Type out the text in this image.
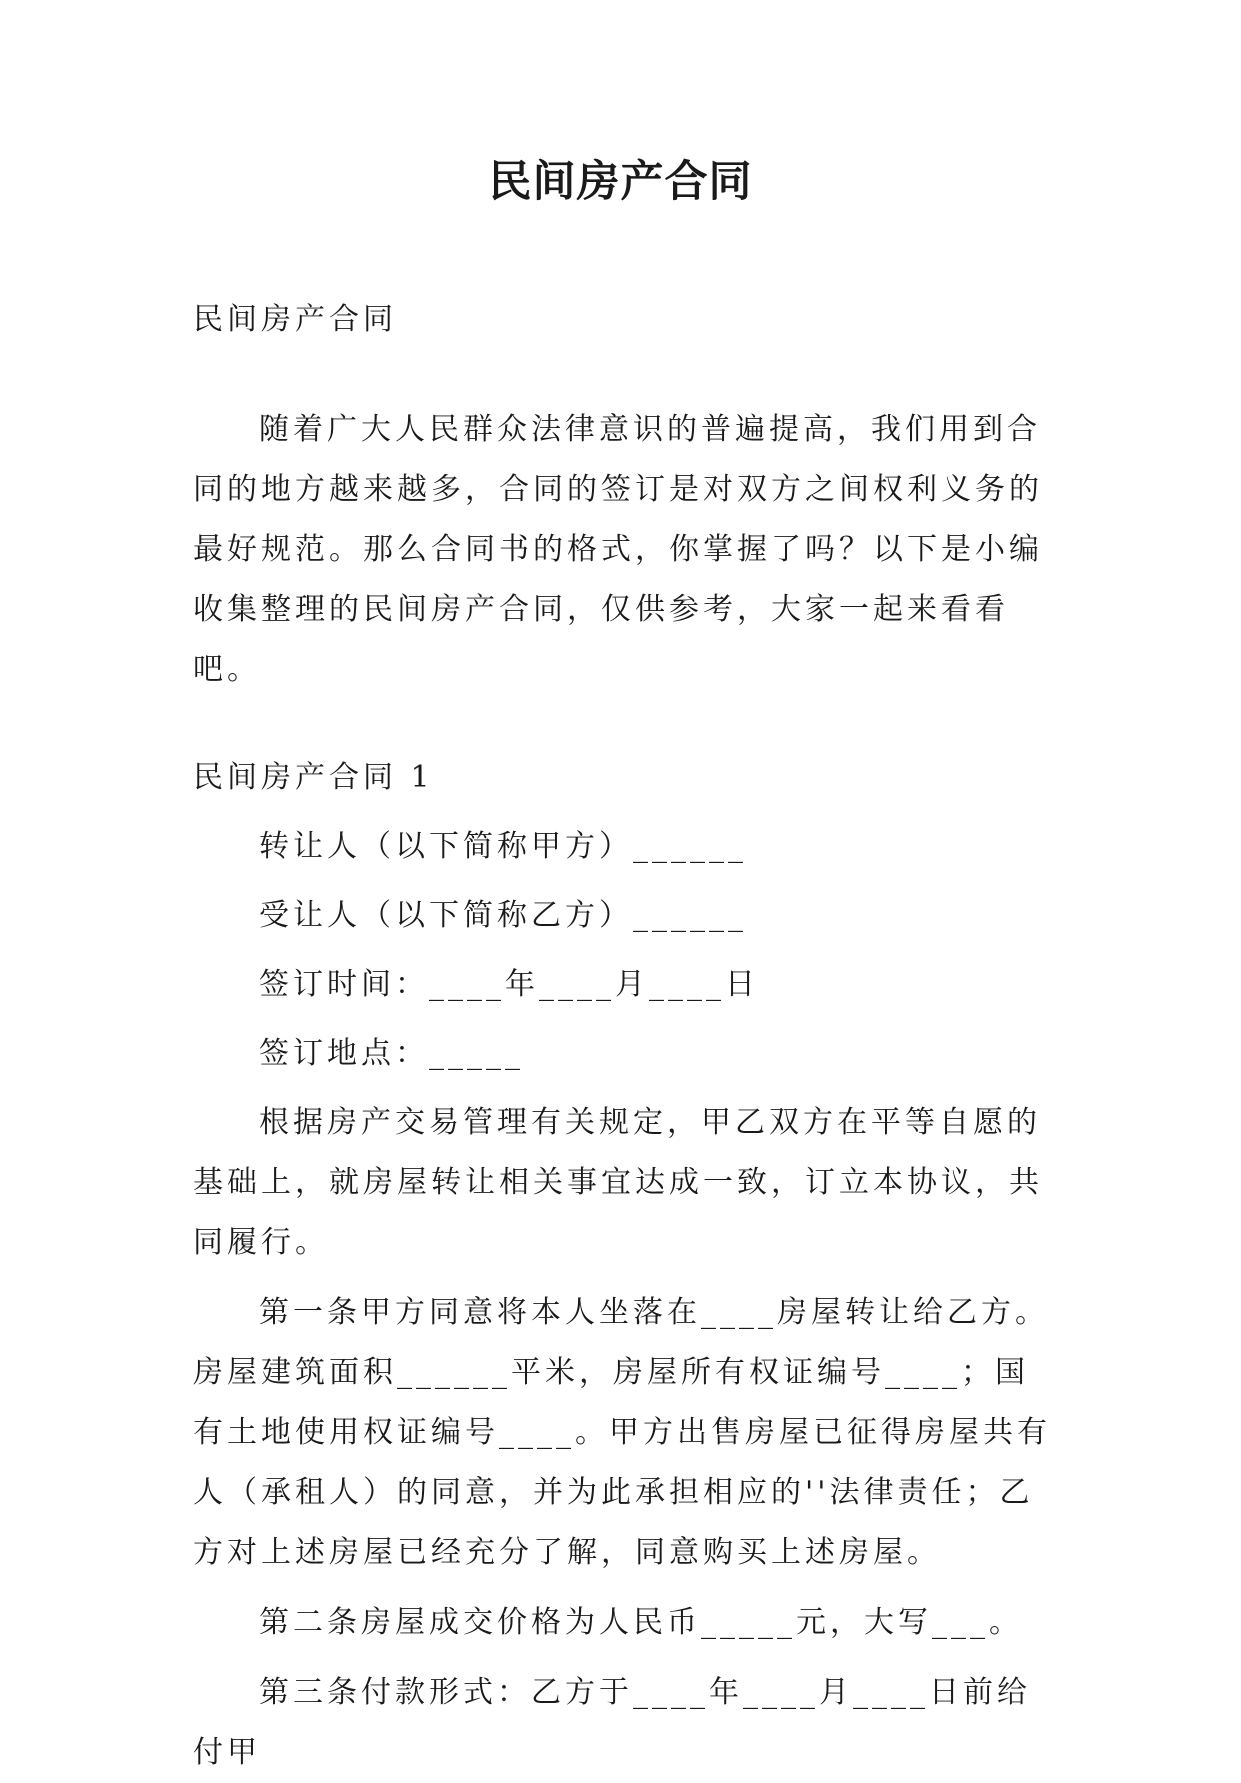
民间房产合同

民间房产合同

随着广大人民群众法律意识的普遍提高，我们用到合同的地方越来越多，合同的签订是对双方之间权利义务的最好规范。那么合同书的格式，你掌握了吗？以下是小编收集整理的民间房产合同，仅供参考，大家一起来看看吧。

民间房产合同 1

转让人（以下简称甲方）______

受让人（以下简称乙方）______

签订时间：____年____月____日

签订地点：_____

根据房产交易管理有关规定，甲乙双方在平等自愿的基础上，就房屋转让相关事宜达成一致，订立本协议，共同履行。

第一条甲方同意将本人坐落在____房屋转让给乙方。房屋建筑面积______平米，房屋所有权证编号____；国有土地使用权证编号____。甲方出售房屋已征得房屋共有人（承租人）的同意，并为此承担相应的''法律责任；乙方对上述房屋已经充分了解，同意购买上述房屋。

第二条房屋成交价格为人民币_____元，大写___。

第三条付款形式：乙方于____年____月____日前给付甲
